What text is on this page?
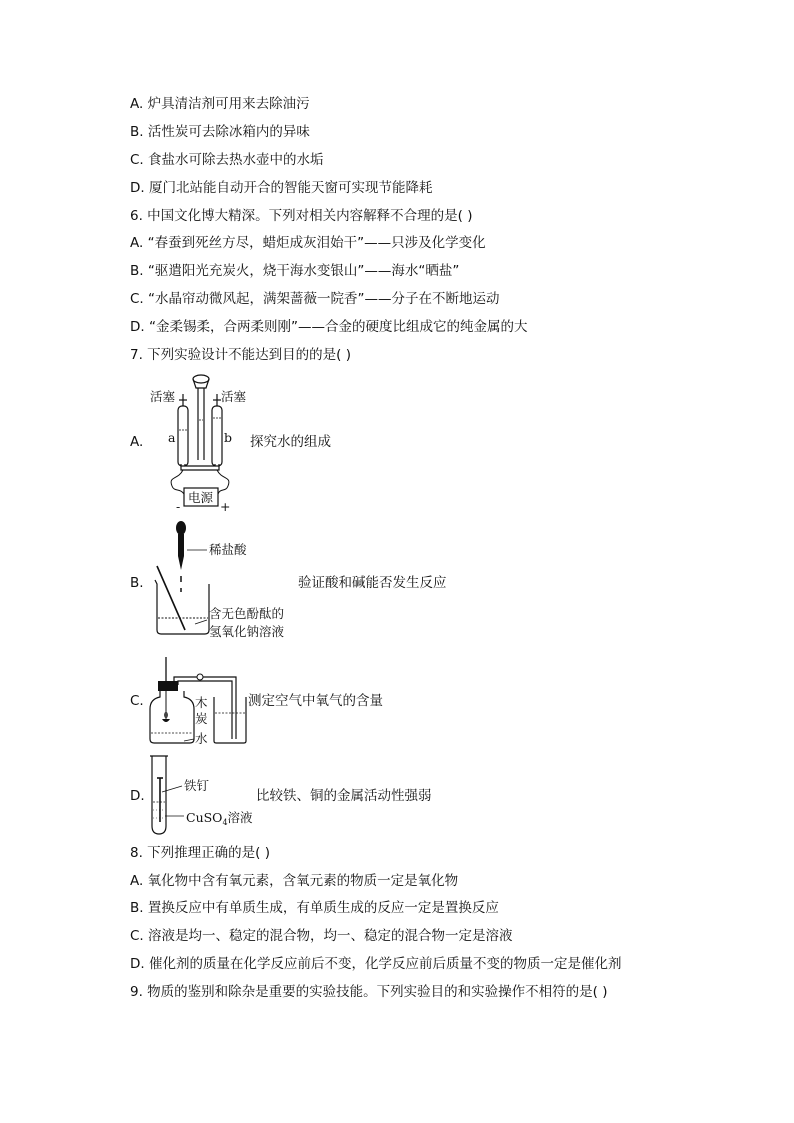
A. 炉具清洁剂可用来去除油污
B. 活性炭可去除冰箱内的异味
C. 食盐水可除去热水壶中的水垢
D. 厦门北站能自动开合的智能天窗可实现节能降耗
6. 中国文化博大精深。下列对相关内容解释不合理的是( )
A. “春蚕到死丝方尽，蜡炬成灰泪始干”——只涉及化学变化
B. “驱遣阳光充炭火，烧干海水变银山”——海水“晒盐”
C. “水晶帘动微风起，满架蔷薇一院香”——分子在不断地运动
D. “金柔锡柔，合两柔则刚”——合金的硬度比组成它的纯金属的大
7. 下列实验设计不能达到目的的是( )
A.
电源
-	+
a	b
活塞	活塞
探究水的组成
B.
稀盐酸
含无色酚酞的
氢氧化钠溶液
验证酸和碱能否发生反应
C.	木
炭
水
测定空气中氧气的含量
D.
铁钉
CuSO$_4$溶液
比较铁、铜的金属活动性强弱
8. 下列推理正确的是( )
A. 氧化物中含有氧元素，含氧元素的物质一定是氧化物
B. 置换反应中有单质生成，有单质生成的反应一定是置换反应
C. 溶液是均一、稳定的混合物，均一、稳定的混合物一定是溶液
D. 催化剂的质量在化学反应前后不变，化学反应前后质量不变的物质一定是催化剂
9. 物质的鉴别和除杂是重要的实验技能。下列实验目的和实验操作不相符的是( )
